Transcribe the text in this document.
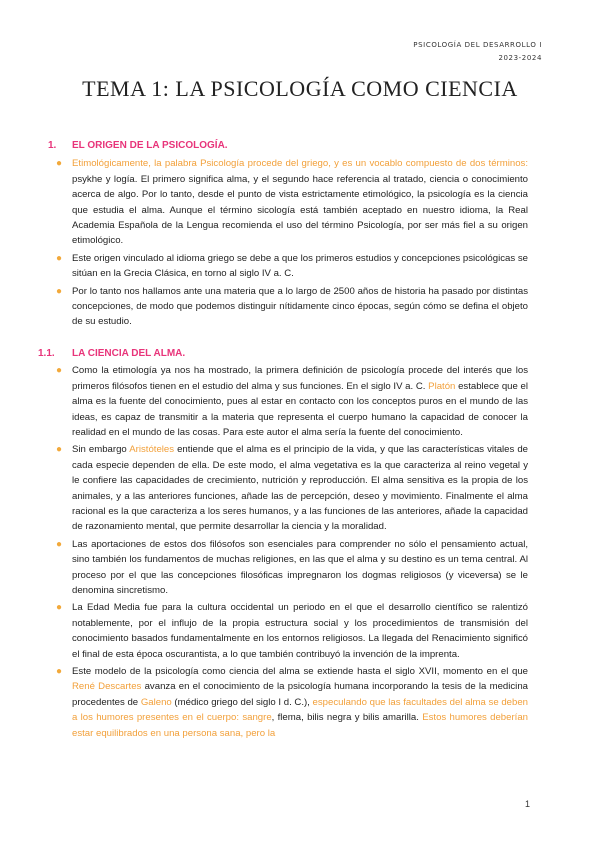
PSICOLOGÍA DEL DESARROLLO I
2023-2024
TEMA 1: LA PSICOLOGÍA COMO CIENCIA
1.	EL ORIGEN DE LA PSICOLOGÍA.
● Etimológicamente, la palabra Psicología procede del griego, y es un vocablo compuesto de dos términos: psykhe y logía. El primero significa alma, y el segundo hace referencia al tratado, ciencia o conocimiento acerca de algo. Por lo tanto, desde el punto de vista estrictamente etimológico, la psicología es la ciencia que estudia el alma. Aunque el término sicología está también aceptado en nuestro idioma, la Real Academia Española de la Lengua recomienda el uso del término Psicología, por ser más fiel a su origen etimológico.
● Este origen vinculado al idioma griego se debe a que los primeros estudios y concepciones psicológicas se sitúan en la Grecia Clásica, en torno al siglo IV a. C.
● Por lo tanto nos hallamos ante una materia que a lo largo de 2500 años de historia ha pasado por distintas concepciones, de modo que podemos distinguir nítidamente cinco épocas, según cómo se defina el objeto de su estudio.
1.1.	LA CIENCIA DEL ALMA.
● Como la etimología ya nos ha mostrado, la primera definición de psicología procede del interés que los primeros filósofos tienen en el estudio del alma y sus funciones. En el siglo IV a. C. Platón establece que el alma es la fuente del conocimiento, pues al estar en contacto con los conceptos puros en el mundo de las ideas, es capaz de transmitir a la materia que representa el cuerpo humano la capacidad de conocer la realidad en el mundo de las cosas. Para este autor el alma sería la fuente del conocimiento.
● Sin embargo Aristóteles entiende que el alma es el principio de la vida, y que las características vitales de cada especie dependen de ella. De este modo, el alma vegetativa es la que caracteriza al reino vegetal y le confiere las capacidades de crecimiento, nutrición y reproducción. El alma sensitiva es la propia de los animales, y a las anteriores funciones, añade las de percepción, deseo y movimiento. Finalmente el alma racional es la que caracteriza a los seres humanos, y a las funciones de las anteriores, añade la capacidad de razonamiento mental, que permite desarrollar la ciencia y la moralidad.
● Las aportaciones de estos dos filósofos son esenciales para comprender no sólo el pensamiento actual, sino también los fundamentos de muchas religiones, en las que el alma y su destino es un tema central. Al proceso por el que las concepciones filosóficas impregnaron los dogmas religiosos (y viceversa) se le denomina sincretismo.
● La Edad Media fue para la cultura occidental un periodo en el que el desarrollo científico se ralentizó notablemente, por el influjo de la propia estructura social y los procedimientos de transmisión del conocimiento basados fundamentalmente en los entornos religiosos. La llegada del Renacimiento significó el final de esta época oscurantista, a lo que también contribuyó la invención de la imprenta.
● Este modelo de la psicología como ciencia del alma se extiende hasta el siglo XVII, momento en el que René Descartes avanza en el conocimiento de la psicología humana incorporando la tesis de la medicina procedentes de Galeno (médico griego del siglo I d. C.), especulando que las facultades del alma se deben a los humores presentes en el cuerpo: sangre, flema, bilis negra y bilis amarilla. Estos humores deberían estar equilibrados en una persona sana, pero la
1
